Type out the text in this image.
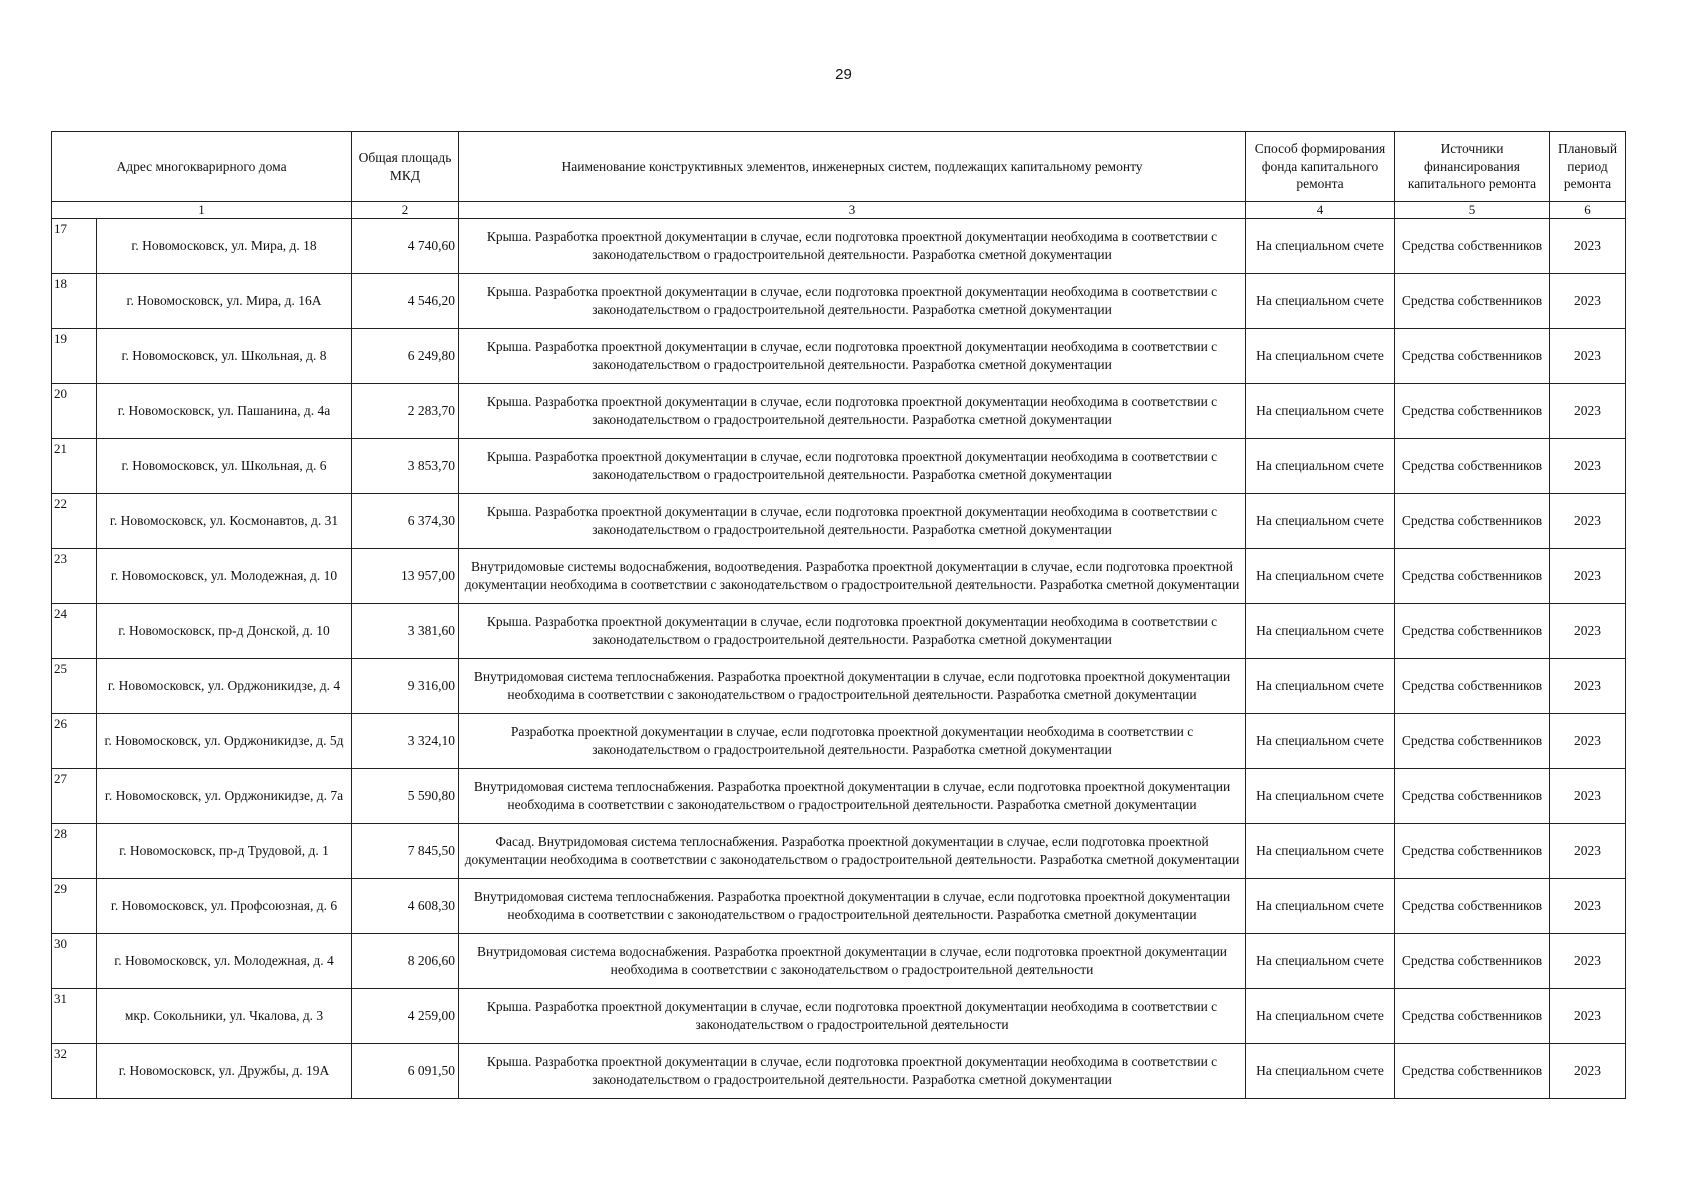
29
Адрес многокварирного дома		Общая площадь МКД	Наименование конструктивных элементов, инженерных систем, подлежащих капитальному ремонту	Способ формирования фонда капитального ремонта	Источники финансирования капитального ремонта	Плановый период ремонта
1		2	3	4	5	6
17	г. Новомосковск, ул. Мира, д. 18	4 740,60	Крыша. Разработка проектной документации в случае, если подготовка проектной документации необходима в соответствии с законодательством о градостроительной деятельности. Разработка сметной документации	На специальном счете	Средства собственников	2023
18	г. Новомосковск, ул. Мира, д. 16А	4 546,20	Крыша. Разработка проектной документации в случае, если подготовка проектной документации необходима в соответствии с законодательством о градостроительной деятельности. Разработка сметной документации	На специальном счете	Средства собственников	2023
19	г. Новомосковск, ул. Школьная, д. 8	6 249,80	Крыша. Разработка проектной документации в случае, если подготовка проектной документации необходима в соответствии с законодательством о градостроительной деятельности. Разработка сметной документации	На специальном счете	Средства собственников	2023
20	г. Новомосковск, ул. Пашанина, д. 4а	2 283,70	Крыша. Разработка проектной документации в случае, если подготовка проектной документации необходима в соответствии с законодательством о градостроительной деятельности. Разработка сметной документации	На специальном счете	Средства собственников	2023
21	г. Новомосковск, ул. Школьная, д. 6	3 853,70	Крыша. Разработка проектной документации в случае, если подготовка проектной документации необходима в соответствии с законодательством о градостроительной деятельности. Разработка сметной документации	На специальном счете	Средства собственников	2023
22	г. Новомосковск, ул. Космонавтов, д. 31	6 374,30	Крыша. Разработка проектной документации в случае, если подготовка проектной документации необходима в соответствии с законодательством о градостроительной деятельности. Разработка сметной документации	На специальном счете	Средства собственников	2023
23	г. Новомосковск, ул. Молодежная, д. 10	13 957,00	Внутридомовые системы водоснабжения, водоотведения. Разработка проектной документации в случае, если подготовка проектной документации необходима в соответствии с законодательством о градостроительной деятельности. Разработка сметной документации	На специальном счете	Средства собственников	2023
24	г. Новомосковск, пр-д Донской, д. 10	3 381,60	Крыша. Разработка проектной документации в случае, если подготовка проектной документации необходима в соответствии с законодательством о градостроительной деятельности. Разработка сметной документации	На специальном счете	Средства собственников	2023
25	г. Новомосковск, ул. Орджоникидзе, д. 4	9 316,00	Внутридомовая система теплоснабжения. Разработка проектной документации в случае, если подготовка проектной документации необходима в соответствии с законодательством о градостроительной деятельности. Разработка сметной документации	На специальном счете	Средства собственников	2023
26	г. Новомосковск, ул. Орджоникидзе, д. 5д	3 324,10	Разработка проектной документации в случае, если подготовка проектной документации необходима в соответствии с законодательством о градостроительной деятельности. Разработка сметной документации	На специальном счете	Средства собственников	2023
27	г. Новомосковск, ул. Орджоникидзе, д. 7а	5 590,80	Внутридомовая система теплоснабжения. Разработка проектной документации в случае, если подготовка проектной документации необходима в соответствии с законодательством о градостроительной деятельности. Разработка сметной документации	На специальном счете	Средства собственников	2023
28	г. Новомосковск, пр-д Трудовой, д. 1	7 845,50	Фасад. Внутридомовая система теплоснабжения. Разработка проектной документации в случае, если подготовка проектной документации необходима в соответствии с законодательством о градостроительной деятельности. Разработка сметной документации	На специальном счете	Средства собственников	2023
29	г. Новомосковск, ул. Профсоюзная, д. 6	4 608,30	Внутридомовая система теплоснабжения. Разработка проектной документации в случае, если подготовка проектной документации необходима в соответствии с законодательством о градостроительной деятельности. Разработка сметной документации	На специальном счете	Средства собственников	2023
30	г. Новомосковск, ул. Молодежная, д. 4	8 206,60	Внутридомовая система водоснабжения. Разработка проектной документации в случае, если подготовка проектной документации необходима в соответствии с законодательством о градостроительной деятельности	На специальном счете	Средства собственников	2023
31	мкр. Сокольники, ул. Чкалова, д. 3	4 259,00	Крыша. Разработка проектной документации в случае, если подготовка проектной документации необходима в соответствии с законодательством о градостроительной деятельности	На специальном счете	Средства собственников	2023
32	г. Новомосковск, ул. Дружбы, д. 19А	6 091,50	Крыша. Разработка проектной документации в случае, если подготовка проектной документации необходима в соответствии с законодательством о градостроительной деятельности. Разработка сметной документации	На специальном счете	Средства собственников	2023
